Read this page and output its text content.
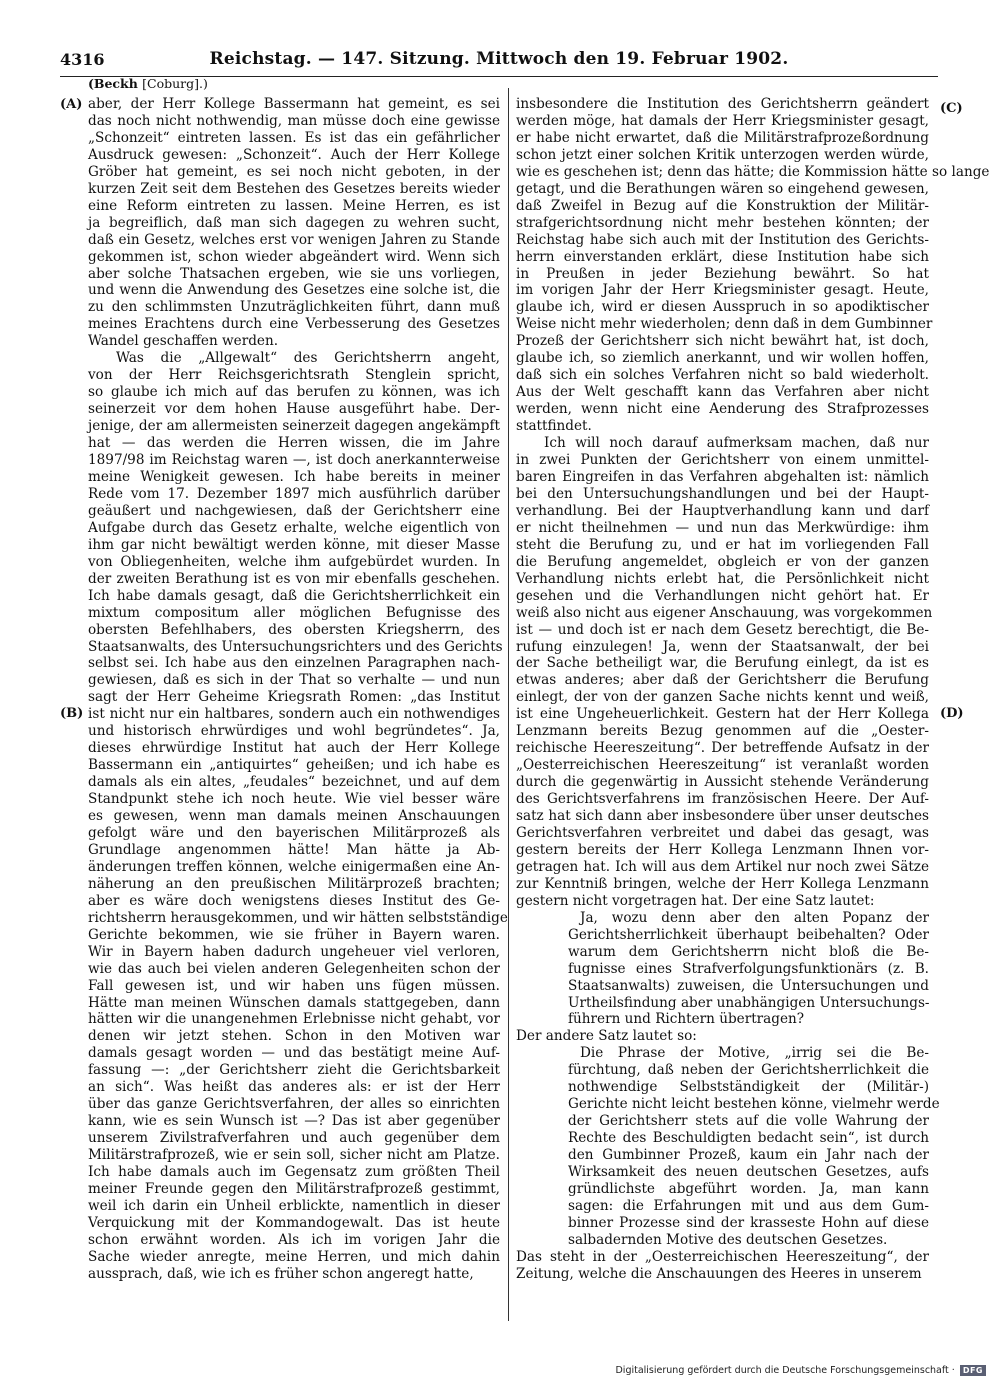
4316	Reichstag. — 147. Sitzung. Mittwoch den 19. Februar 1902.
(Beckh [Coburg].)
(A)
(B)
(C)
(D)

aber, der Herr Kollege Bassermann hat gemeint, es sei

das noch nicht nothwendig, man müsse doch eine gewisse

„Schonzeit“ eintreten lassen. Es ist das ein gefährlicher

Ausdruck gewesen: „Schonzeit“. Auch der Herr Kollege

Gröber hat gemeint, es sei noch nicht geboten, in der

kurzen Zeit seit dem Bestehen des Gesetzes bereits wieder

eine Reform eintreten zu lassen. Meine Herren, es ist

ja begreiflich, daß man sich dagegen zu wehren sucht,

daß ein Gesetz, welches erst vor wenigen Jahren zu Stande

gekommen ist, schon wieder abgeändert wird. Wenn sich

aber solche Thatsachen ergeben, wie sie uns vorliegen,

und wenn die Anwendung des Gesetzes eine solche ist, die

zu den schlimmsten Unzuträglichkeiten führt, dann muß

meines Erachtens durch eine Verbesserung des Gesetzes

Wandel geschaffen werden.

Was die „Allgewalt“ des Gerichtsherrn angeht,

von der Herr Reichsgerichtsrath Stenglein spricht,

so glaube ich mich auf das berufen zu können, was ich

seinerzeit vor dem hohen Hause ausgeführt habe. Der-

jenige, der am allermeisten seinerzeit dagegen angekämpft

hat — das werden die Herren wissen, die im Jahre

1897/98 im Reichstag waren —, ist doch anerkannterweise

meine Wenigkeit gewesen. Ich habe bereits in meiner

Rede vom 17. Dezember 1897 mich ausführlich darüber

geäußert und nachgewiesen, daß der Gerichtsherr eine

Aufgabe durch das Gesetz erhalte, welche eigentlich von

ihm gar nicht bewältigt werden könne, mit dieser Masse

von Obliegenheiten, welche ihm aufgebürdet wurden. In

der zweiten Berathung ist es von mir ebenfalls geschehen.

Ich habe damals gesagt, daß die Gerichtsherrlichkeit ein

mixtum compositum aller möglichen Befugnisse des

obersten Befehlhabers, des obersten Kriegsherrn, des

Staatsanwalts, des Untersuchungsrichters und des Gerichts

selbst sei. Ich habe aus den einzelnen Paragraphen nach-

gewiesen, daß es sich in der That so verhalte — und nun

sagt der Herr Geheime Kriegsrath Romen: „das Institut

ist nicht nur ein haltbares, sondern auch ein nothwendiges

und historisch ehrwürdiges und wohl begründetes“. Ja,

dieses ehrwürdige Institut hat auch der Herr Kollege

Bassermann ein „antiquirtes“ geheißen; und ich habe es

damals als ein altes, „feudales“ bezeichnet, und auf dem

Standpunkt stehe ich noch heute. Wie viel besser wäre

es gewesen, wenn man damals meinen Anschauungen

gefolgt wäre und den bayerischen Militärprozeß als

Grundlage angenommen hätte! Man hätte ja Ab-

änderungen treffen können, welche einigermaßen eine An-

näherung an den preußischen Militärprozeß brachten;

aber es wäre doch wenigstens dieses Institut des Ge-

richtsherrn herausgekommen, und wir hätten selbstständige

Gerichte bekommen, wie sie früher in Bayern waren.

Wir in Bayern haben dadurch ungeheuer viel verloren,

wie das auch bei vielen anderen Gelegenheiten schon der

Fall gewesen ist, und wir haben uns fügen müssen.

Hätte man meinen Wünschen damals stattgegeben, dann

hätten wir die unangenehmen Erlebnisse nicht gehabt, vor

denen wir jetzt stehen. Schon in den Motiven war

damals gesagt worden — und das bestätigt meine Auf-

fassung —: „der Gerichtsherr zieht die Gerichtsbarkeit

an sich“. Was heißt das anderes als: er ist der Herr

über das ganze Gerichtsverfahren, der alles so einrichten

kann, wie es sein Wunsch ist —? Das ist aber gegenüber

unserem Zivilstrafverfahren und auch gegenüber dem

Militärstrafprozeß, wie er sein soll, sicher nicht am Platze.

Ich habe damals auch im Gegensatz zum größten Theil

meiner Freunde gegen den Militärstrafprozeß gestimmt,

weil ich darin ein Unheil erblickte, namentlich in dieser

Verquickung mit der Kommandogewalt. Das ist heute

schon erwähnt worden. Als ich im vorigen Jahr die

Sache wieder anregte, meine Herren, und mich dahin

aussprach, daß, wie ich es früher schon angeregt hatte,

insbesondere die Institution des Gerichtsherrn geändert

werden möge, hat damals der Herr Kriegsminister gesagt,

er habe nicht erwartet, daß die Militärstrafprozeßordnung

schon jetzt einer solchen Kritik unterzogen werden würde,

wie es geschehen ist; denn das hätte; die Kommission hätte so lange

getagt, und die Berathungen wären so eingehend gewesen,

daß Zweifel in Bezug auf die Konstruktion der Militär-

strafgerichtsordnung nicht mehr bestehen könnten; der

Reichstag habe sich auch mit der Institution des Gerichts-

herrn einverstanden erklärt, diese Institution habe sich

in Preußen in jeder Beziehung bewährt. So hat

im vorigen Jahr der Herr Kriegsminister gesagt. Heute,

glaube ich, wird er diesen Ausspruch in so apodiktischer

Weise nicht mehr wiederholen; denn daß in dem Gumbinner

Prozeß der Gerichtsherr sich nicht bewährt hat, ist doch,

glaube ich, so ziemlich anerkannt, und wir wollen hoffen,

daß sich ein solches Verfahren nicht so bald wiederholt.

Aus der Welt geschafft kann das Verfahren aber nicht

werden, wenn nicht eine Aenderung des Strafprozesses

stattfindet.

Ich will noch darauf aufmerksam machen, daß nur

in zwei Punkten der Gerichtsherr von einem unmittel-

baren Eingreifen in das Verfahren abgehalten ist: nämlich

bei den Untersuchungshandlungen und bei der Haupt-

verhandlung. Bei der Hauptverhandlung kann und darf

er nicht theilnehmen — und nun das Merkwürdige: ihm

steht die Berufung zu, und er hat im vorliegenden Fall

die Berufung angemeldet, obgleich er von der ganzen

Verhandlung nichts erlebt hat, die Persönlichkeit nicht

gesehen und die Verhandlungen nicht gehört hat. Er

weiß also nicht aus eigener Anschauung, was vorgekommen

ist — und doch ist er nach dem Gesetz berechtigt, die Be-

rufung einzulegen! Ja, wenn der Staatsanwalt, der bei

der Sache betheiligt war, die Berufung einlegt, da ist es

etwas anderes; aber daß der Gerichtsherr die Berufung

einlegt, der von der ganzen Sache nichts kennt und weiß,

ist eine Ungeheuerlichkeit. Gestern hat der Herr Kollega

Lenzmann bereits Bezug genommen auf die „Oester-

reichische Heereszeitung“. Der betreffende Aufsatz in der

„Oesterreichischen Heereszeitung“ ist veranlaßt worden

durch die gegenwärtig in Aussicht stehende Veränderung

des Gerichtsverfahrens im französischen Heere. Der Auf-

satz hat sich dann aber insbesondere über unser deutsches

Gerichtsverfahren verbreitet und dabei das gesagt, was

gestern bereits der Herr Kollega Lenzmann Ihnen vor-

getragen hat. Ich will aus dem Artikel nur noch zwei Sätze

zur Kenntniß bringen, welche der Herr Kollega Lenzmann

gestern nicht vorgetragen hat. Der eine Satz lautet:

Ja, wozu denn aber den alten Popanz der

Gerichtsherrlichkeit überhaupt beibehalten? Oder

warum dem Gerichtsherrn nicht bloß die Be-

fugnisse eines Strafverfolgungsfunktionärs (z. B.

Staatsanwalts) zuweisen, die Untersuchungen und

Urtheilsfindung aber unabhängigen Untersuchungs-

führern und Richtern übertragen?

Der andere Satz lautet so:

Die Phrase der Motive, „irrig sei die Be-

fürchtung, daß neben der Gerichtsherrlichkeit die

nothwendige Selbstständigkeit der (Militär-)

Gerichte nicht leicht bestehen könne, vielmehr werde

der Gerichtsherr stets auf die volle Wahrung der

Rechte des Beschuldigten bedacht sein“, ist durch

den Gumbinner Prozeß, kaum ein Jahr nach der

Wirksamkeit des neuen deutschen Gesetzes, aufs

gründlichste abgeführt worden. Ja, man kann

sagen: die Erfahrungen mit und aus dem Gum-

binner Prozesse sind der krasseste Hohn auf diese

salbadernden Motive des deutschen Gesetzes.

Das steht in der „Oesterreichischen Heereszeitung“, der

Zeitung, welche die Anschauungen des Heeres in unserem

Digitalisierung gefördert durch die Deutsche Forschungsgemeinschaft ·	DFG
